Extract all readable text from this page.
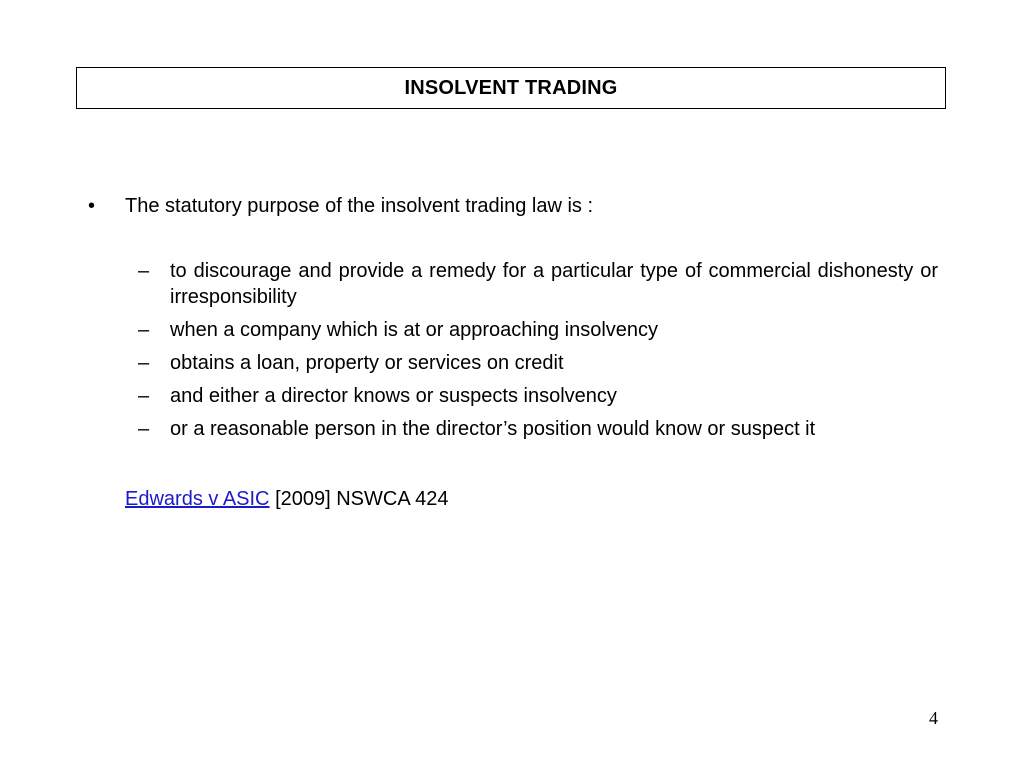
INSOLVENT TRADING
•	The statutory purpose of the insolvent trading law is :
–	to discourage and provide a remedy for a particular type of commercial dishonesty or irresponsibility
–	when a company which is at or approaching insolvency
–	obtains a loan, property or services on credit
–	and either a director knows or suspects insolvency
–	or a reasonable person in the director’s position would know or suspect it
Edwards v ASIC [2009] NSWCA 424
4
